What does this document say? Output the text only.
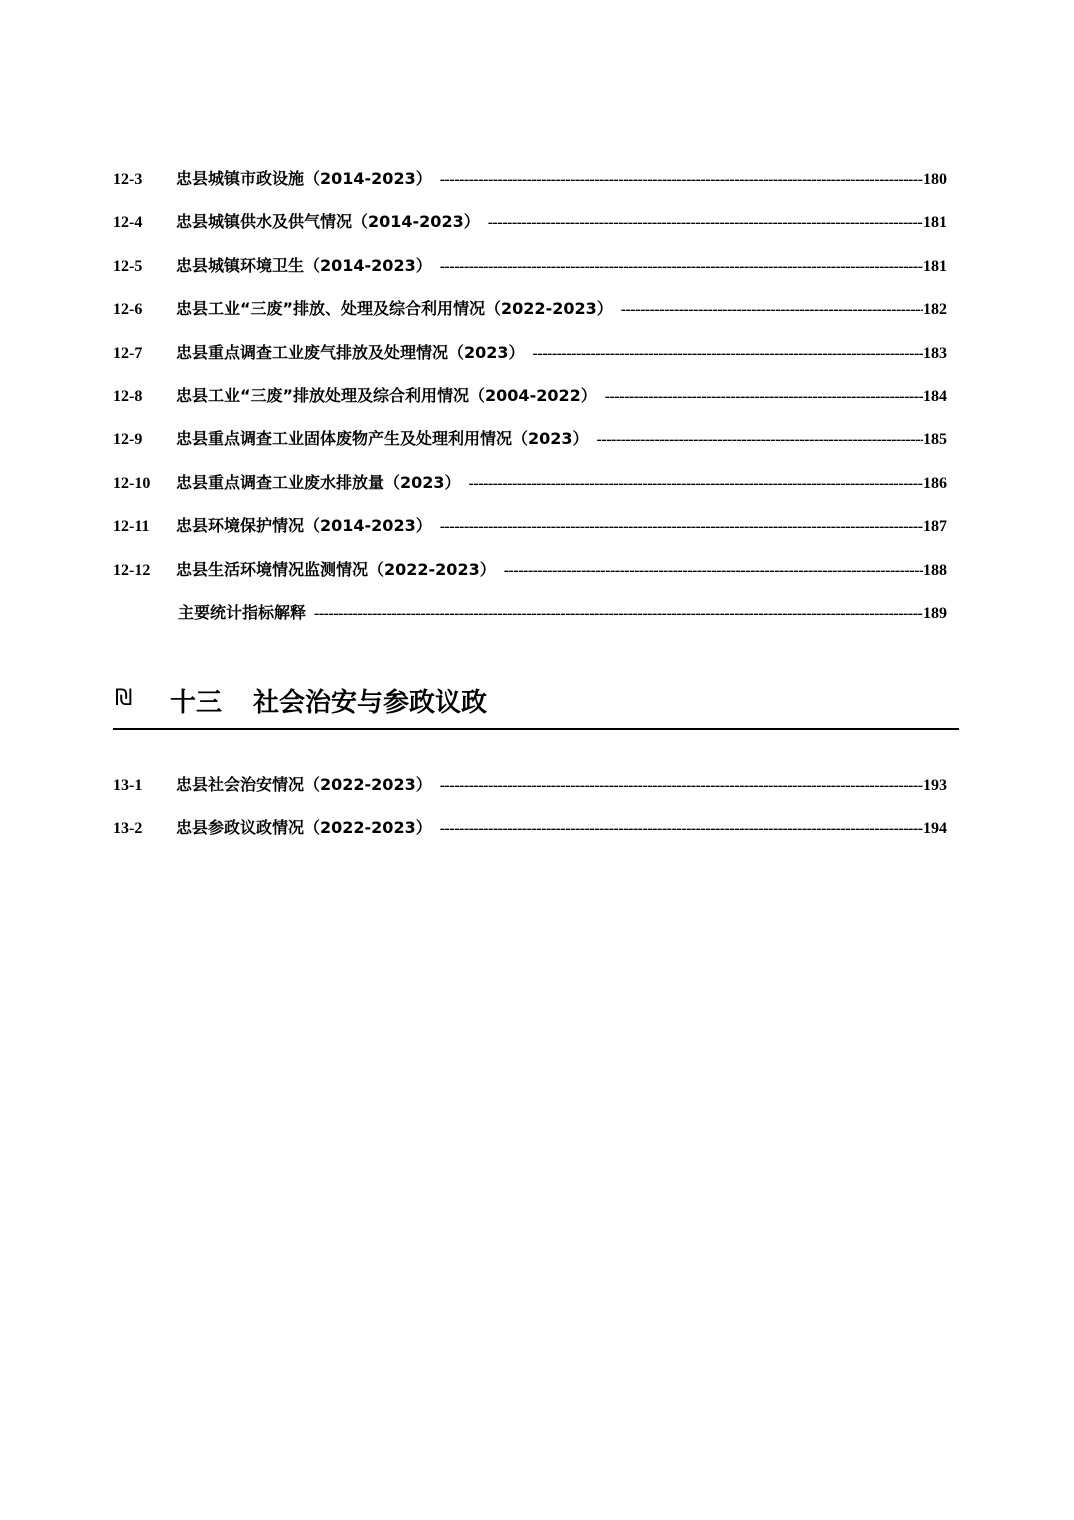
12-3	忠县城镇市政设施（2014-2023） -----	180
12-4	忠县城镇供水及供气情况（2014-2023） -----	181
12-5	忠县城镇环境卫生（2014-2023） -----	181
12-6	忠县工业“三废”排放、处理及综合利用情况（2022-2023） -----	182
12-7	忠县重点调查工业废气排放及处理情况（2023） -----	183
12-8	忠县工业“三废”排放处理及综合利用情况（2004-2022） -----	184
12-9	忠县重点调查工业固体废物产生及处理利用情况（2023） -----	185
12-10	忠县重点调查工业废水排放量（2023） -----	186
12-11	忠县环境保护情况（2014-2023） -----	187
12-12	忠县生活环境情况监测情况（2022-2023） -----	188
主要统计指标解释 -----	189
₪ 十三 社会治安与参政议政
13-1	忠县社会治安情况（2022-2023） -----	193
13-2	忠县参政议政情况（2022-2023） -----	194
